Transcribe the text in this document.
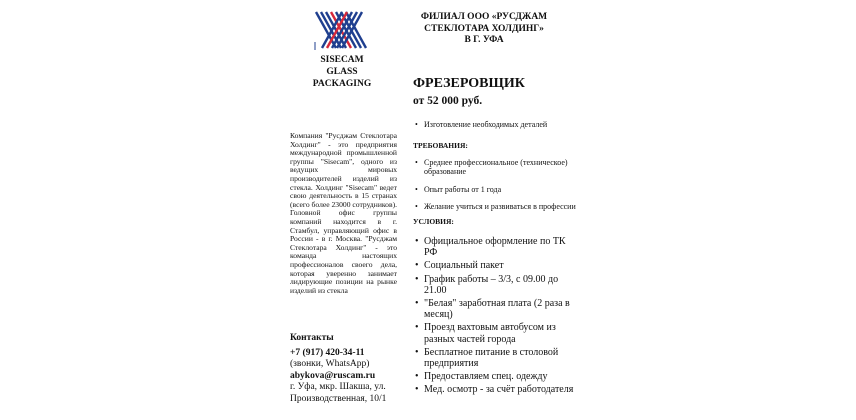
SISECAM
GLASS
PACKAGING
ФИЛИАЛ ООО «РУСДЖАМ
СТЕКЛОТАРА ХОЛДИНГ»
В Г. УФА
ФРЕЗЕРОВЩИК
от 52 000 руб.
Компания "Русджам Стеклотара Холдинг" - это предприятия международной промышленной группы "Sisecam", одного из ведущих мировых производителей изделий из стекла. Холдинг "Sisecam" ведет свою деятельность в 15 странах (всего более 23000 сотрудников). Головной офис группы компаний находится в г. Стамбул, управляющий офис в России - в г. Москва. "Русджам Стеклотара Холдинг" - это команда настоящих профессионалов своего дела, которая уверенно занимает лидирующие позиции на рынке изделий из стекла
Контакты
+7 (917) 420-34-11
(звонки, WhatsApp)
abykova@ruscam.ru
г. Уфа, мкр. Шакша, ул.
Производственная, 10/1
• Изготовление необходимых деталей
ТРЕБОВАНИЯ:
• Среднее профессиональное (техническое) образование
• Опыт работы от 1 года
• Желание учиться и развиваться в профессии
УСЛОВИЯ:
• Официальное оформление по ТК РФ
• Социальный пакет
• График работы – 3/3, с 09.00 до 21.00
• "Белая" заработная плата (2 раза в месяц)
• Проезд вахтовым автобусом из разных частей города
• Бесплатное питание в столовой предприятия
• Предоставляем спец. одежду
• Мед. осмотр - за счёт работодателя
